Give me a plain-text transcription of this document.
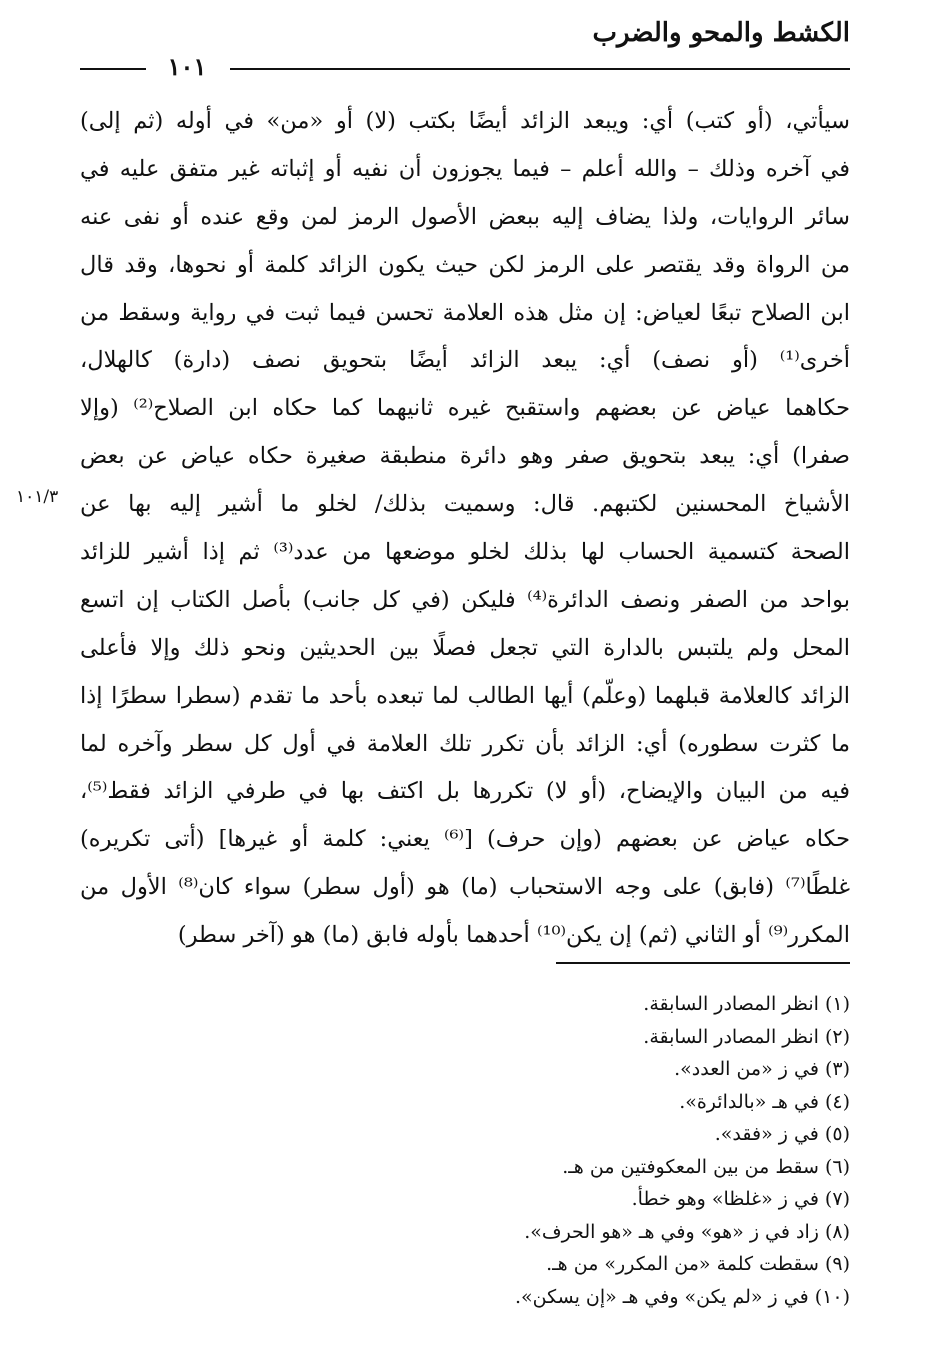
الكشط والمحو والضرب
١٠١
سيأتي، (أو كتب) أي: ويبعد الزائد أيضًا بكتب (لا) أو «من» في أوله (ثم إلى)
في آخره وذلك – والله أعلم – فيما يجوزون أن نفيه أو إثباته غير متفق عليه في
سائر الروايات، ولذا يضاف إليه ببعض الأصول الرمز لمن وقع عنده أو نفى عنه
من الرواة وقد يقتصر على الرمز لكن حيث يكون الزائد كلمة أو نحوها، وقد قال
ابن الصلاح تبعًا لعياض: إن مثل هذه العلامة تحسن فيما ثبت في رواية وسقط من
أخرى⁽¹⁾ (أو نصف) أي: يبعد الزائد أيضًا بتحويق نصف (دارة) كالهلال،
حكاهما عياض عن بعضهم واستقبح غيره ثانيهما كما حكاه ابن الصلاح⁽²⁾ (وإلا
صفرا) أي: يبعد بتحويق صفر وهو دائرة منطبقة صغيرة حكاه عياض عن بعض
الأشياخ المحسنين لكتبهم. قال: وسميت بذلك/ لخلو ما أشير إليه بها عن
الصحة كتسمية الحساب لها بذلك لخلو موضعها من عدد⁽³⁾ ثم إذا أشير للزائد
بواحد من الصفر ونصف الدائرة⁽⁴⁾ فليكن (في كل جانب) بأصل الكتاب إن اتسع
المحل ولم يلتبس بالدارة التي تجعل فصلًا بين الحديثين ونحو ذلك وإلا فأعلى
الزائد كالعلامة قبلهما (وعلّم) أيها الطالب لما تبعده بأحد ما تقدم (سطرا سطرًا إذا
ما كثرت سطوره) أي: الزائد بأن تكرر تلك العلامة في أول كل سطر وآخره لما
فيه من البيان والإيضاح، (أو لا) تكررها بل اكتف بها في طرفي الزائد فقط⁽⁵⁾،
حكاه عياض عن بعضهم (وإن حرف) [⁽⁶⁾ يعني: كلمة أو غيرها] (أتى تكريره)
غلطًا⁽⁷⁾ (فابق) على وجه الاستحباب (ما) هو (أول سطر) سواء كان⁽⁸⁾ الأول من
المكرر⁽⁹⁾ أو الثاني (ثم) إن يكن⁽¹⁰⁾ أحدهما بأوله فابق (ما) هو (آخر سطر)
١٠١/٣
(١) انظر المصادر السابقة.
(٢) انظر المصادر السابقة.
(٣) في ز «من العدد».
(٤) في هـ «بالدائرة».
(٥) في ز «فقد».
(٦) سقط من بين المعكوفتين من هـ.
(٧) في ز «غلظا» وهو خطأ.
(٨) زاد في ز «هو» وفي هـ «هو الحرف».
(٩) سقطت كلمة «من المكرر» من هـ.
(١٠) في ز «لم يكن» وفي هـ «إن يسكن».
